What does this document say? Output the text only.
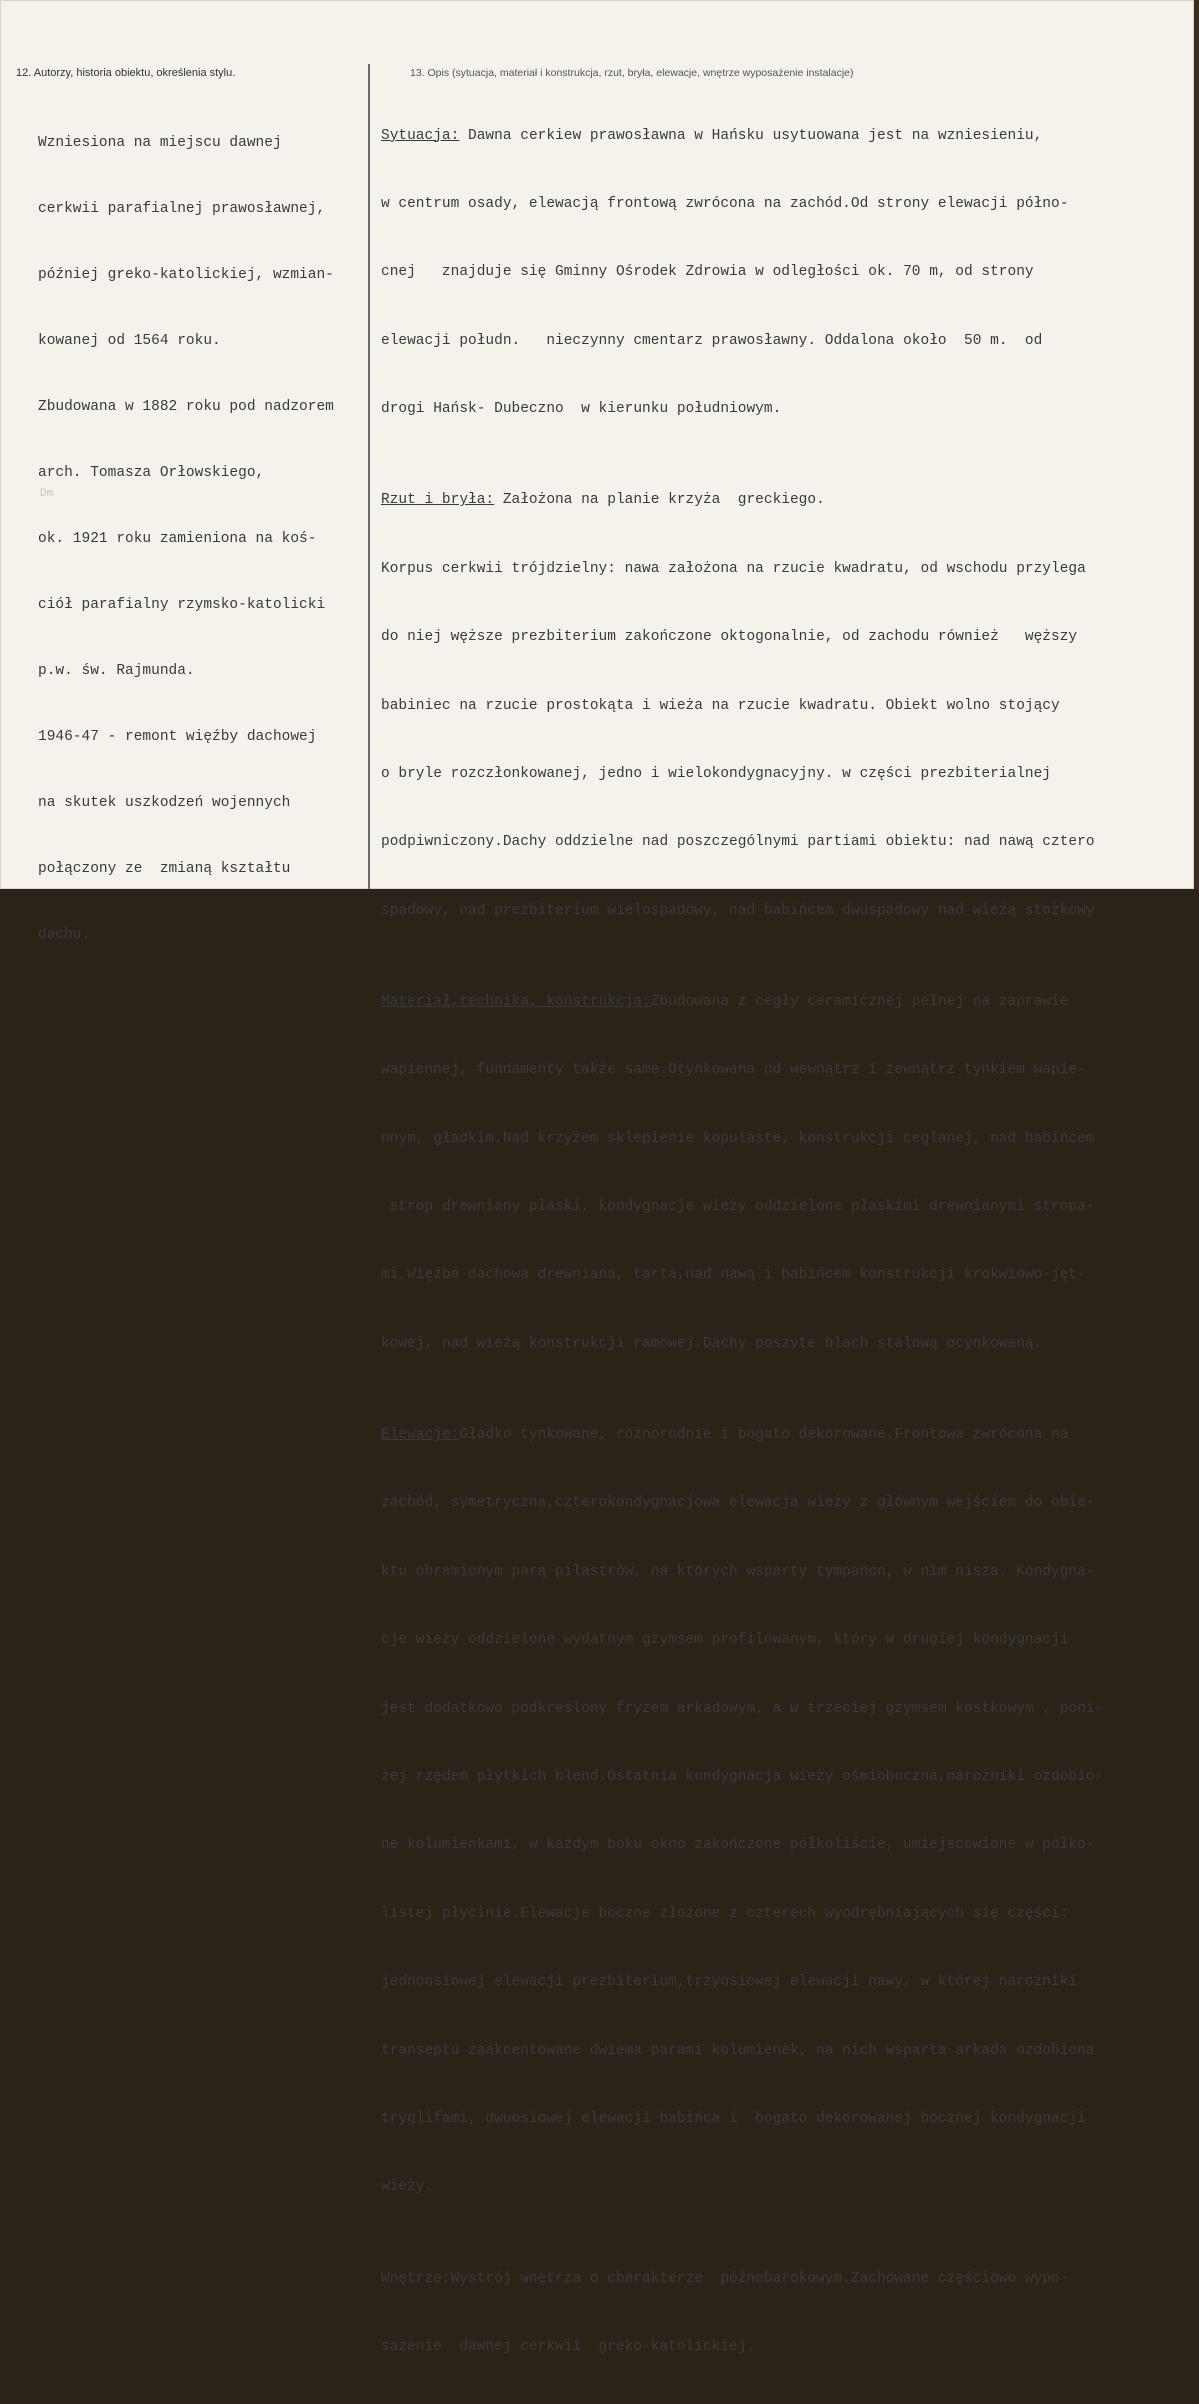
12. Autorzy, historia obiektu, określenia stylu.	13. Opis (sytuacja, materiał i konstrukcja, rzut, bryła, elewacje, wnętrze wyposażenie instalacje)

Wzniesiona na miejscu dawnej

cerkwii parafialnej prawosławnej,

później greko-katolickiej, wzmian-

kowanej od 1564 roku.

Zbudowana w 1882 roku pod nadzorem

arch. Tomasza Orłowskiego,

ok. 1921 roku zamieniona na koś-

ciół parafialny rzymsko-katolicki

p.w. św. Rajmunda.

1946-47 - remont więźby dachowej

na skutek uszkodzeń wojennych

połączony ze  zmianą kształtu

dachu.

Dm

Sytuacja: Dawna cerkiew prawosławna w Hańsku usytuowana jest na wzniesieniu,

w centrum osady, elewacją frontową zwrócona na zachód.Od strony elewacji półno-

cnej   znajduje się Gminny Ośrodek Zdrowia w odległości ok. 70 m, od strony

elewacji połudn.   nieczynny cmentarz prawosławny. Oddalona około  50 m.  od

drogi Hańsk- Dubeczno  w kierunku południowym.

Rzut i bryła: Założona na planie krzyża  greckiego.

Korpus cerkwii trójdzielny: nawa założona na rzucie kwadratu, od wschodu przylega

do niej węższe prezbiterium zakończone oktogonalnie, od zachodu również   węższy

babiniec na rzucie prostokąta i wieża na rzucie kwadratu. Obiekt wolno stojący

o bryle rozczłonkowanej, jedno i wielokondygnacyjny. w części prezbiterialnej

podpiwniczony.Dachy oddzielne nad poszczególnymi partiami obiektu: nad nawą cztero

spadowy, nad prezbiterium wielospadowy, nad babińcem dwuspadowy nad wieżą stożkowy

Materiał,technika, konstrukcja:Zbudowana z cegły ceramicznej pełnej na zaprawie

wapiennej, fundamenty także same.Otynkowana od wewnątrz i zewnątrz tynkiem wapie-

nnym, gładkim.Nad krzyżem sklepienie kopulaste, konstrukcji ceglanej, nad babińcem

strop drewniany płaski, kondygnacje wieży oddzielone płaskimi drewnianymi stropa-

mi.Więźba dachowa drewniana, tarta,nad nawą i babińcem konstrukcji krokwiowo-jęt-

kowej, nad wieżą konstrukcji ramowej.Dachy poszyte blach stalową ocynkowaną.

Elewacje:Gładko tynkowane, różnorodnie i bogato dekorowane.Frontowa zwrócona na

zachód, symetryczna,czterokondygnacjowa elewacja wieży z głównym wejściem do obie-

ktu obramionym parą pilastrów, na których wsparty tympanon, w nim nisza. Kondygna-

cje wieży oddzielone wydatnym gzymsem profilowanym, który w drugiej kondygnacji

jest dodatkowo podkreślony fryzem arkadowym, a w trzeciej gzymsem kostkowym , poni-

żej rzędem płytkich blend.Ostatnia kondygnacja wieży ośmioboczna,narożniki ozdobio-

ne kolumienkami, w każdym boku okno zakończone półkoliście, umiejscowione w półko-

listej płycinie.Elewacje boczne złożone z czterech wyodrębniających się części:

jednoosiowej elewacji prezbiterium,trzyosiowej elewacji nawy, w której narożniki

transeptu zaakcentowane dwiema parami kolumienek, na nich wsparta arkada ozdobiona

tryglifami, dwuosiowej elewacji babińca i  bogato dekorowanej bocznej kondygnacji

wieży.

Wnętrze:Wystrój wnętrza o charakterze  późnobarokowym.Zachowane częściowo wypo-

sażenie  dawnej cerkwii  greko-katolickiej.
